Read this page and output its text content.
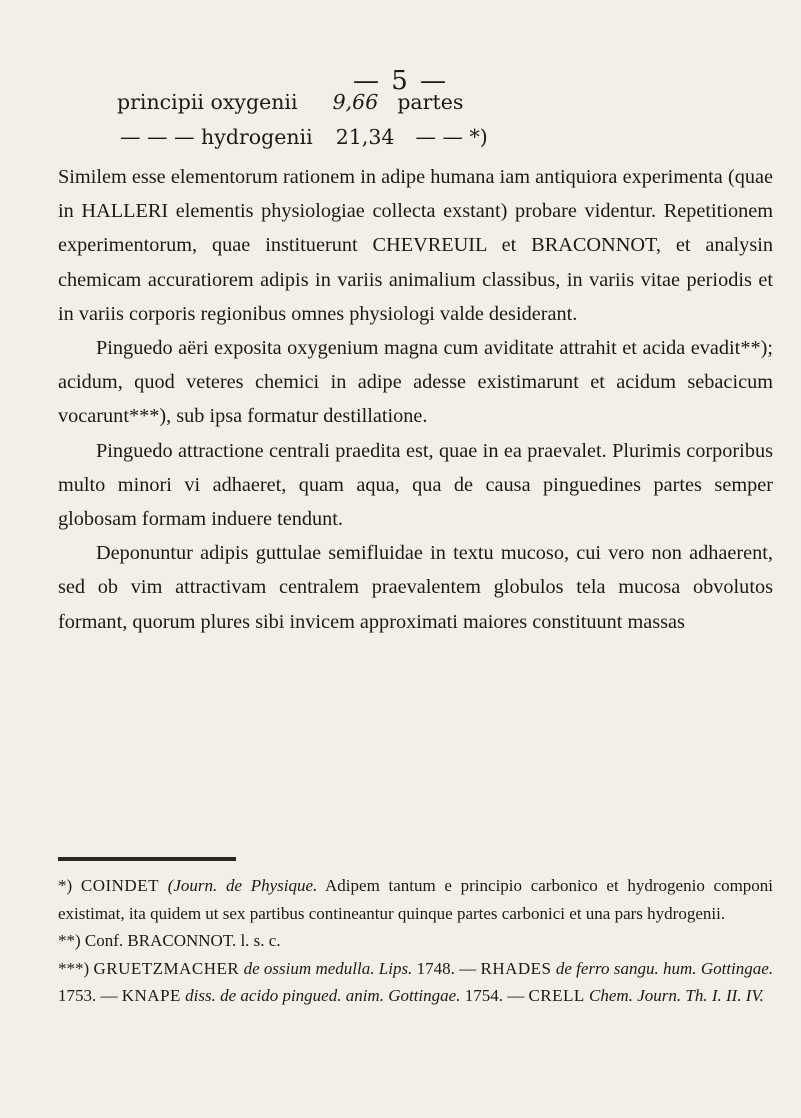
— 5 —
principii oxygenii 9,66 partes
— — — hydrogenii 21,34 — — *)

Similem esse elementorum rationem in adipe humana iam antiquiora experimenta (quae in HALLERI elementis physiologiae collecta exstant) probare videntur. Repetitionem experimentorum, quae instituerunt CHEVREUIL et BRACONNOT, et analysin chemicam accuratiorem adipis in variis animalium classibus, in variis vitae periodis et in variis corporis regionibus omnes physiologi valde desiderant.

Pinguedo aëri exposita oxygenium magna cum aviditate attrahit et acida evadit**); acidum, quod veteres chemici in adipe adesse existimarunt et acidum sebacicum vocarunt***), sub ipsa formatur destillatione.

Pinguedo attractione centrali praedita est, quae in ea praevalet. Plurimis corporibus multo minori vi adhaeret, quam aqua, qua de causa pinguedines partes semper globosam formam induere tendunt.

Deponuntur adipis guttulae semifluidae in textu mucoso, cui vero non adhaerent, sed ob vim attractivam centralem praevalentem globulos tela mucosa obvolutos formant, quorum plures sibi invicem approximati maiores constituunt massas

*) COINDET (Journ. de Physique. Adipem tantum e principio carbonico et hydrogenio componi existimat, ita quidem ut sex partibus contineantur quinque partes carbonici et una pars hydrogenii.

**) Conf. BRACONNOT. l. s. c.

***) GRUETZMACHER de ossium medulla. Lips. 1748. — RHADES de ferro sangu. hum. Gottingae. 1753. — KNAPE diss. de acido pingued. anim. Gottingae. 1754. — CRELL Chem. Journ. Th. I. II. IV.
